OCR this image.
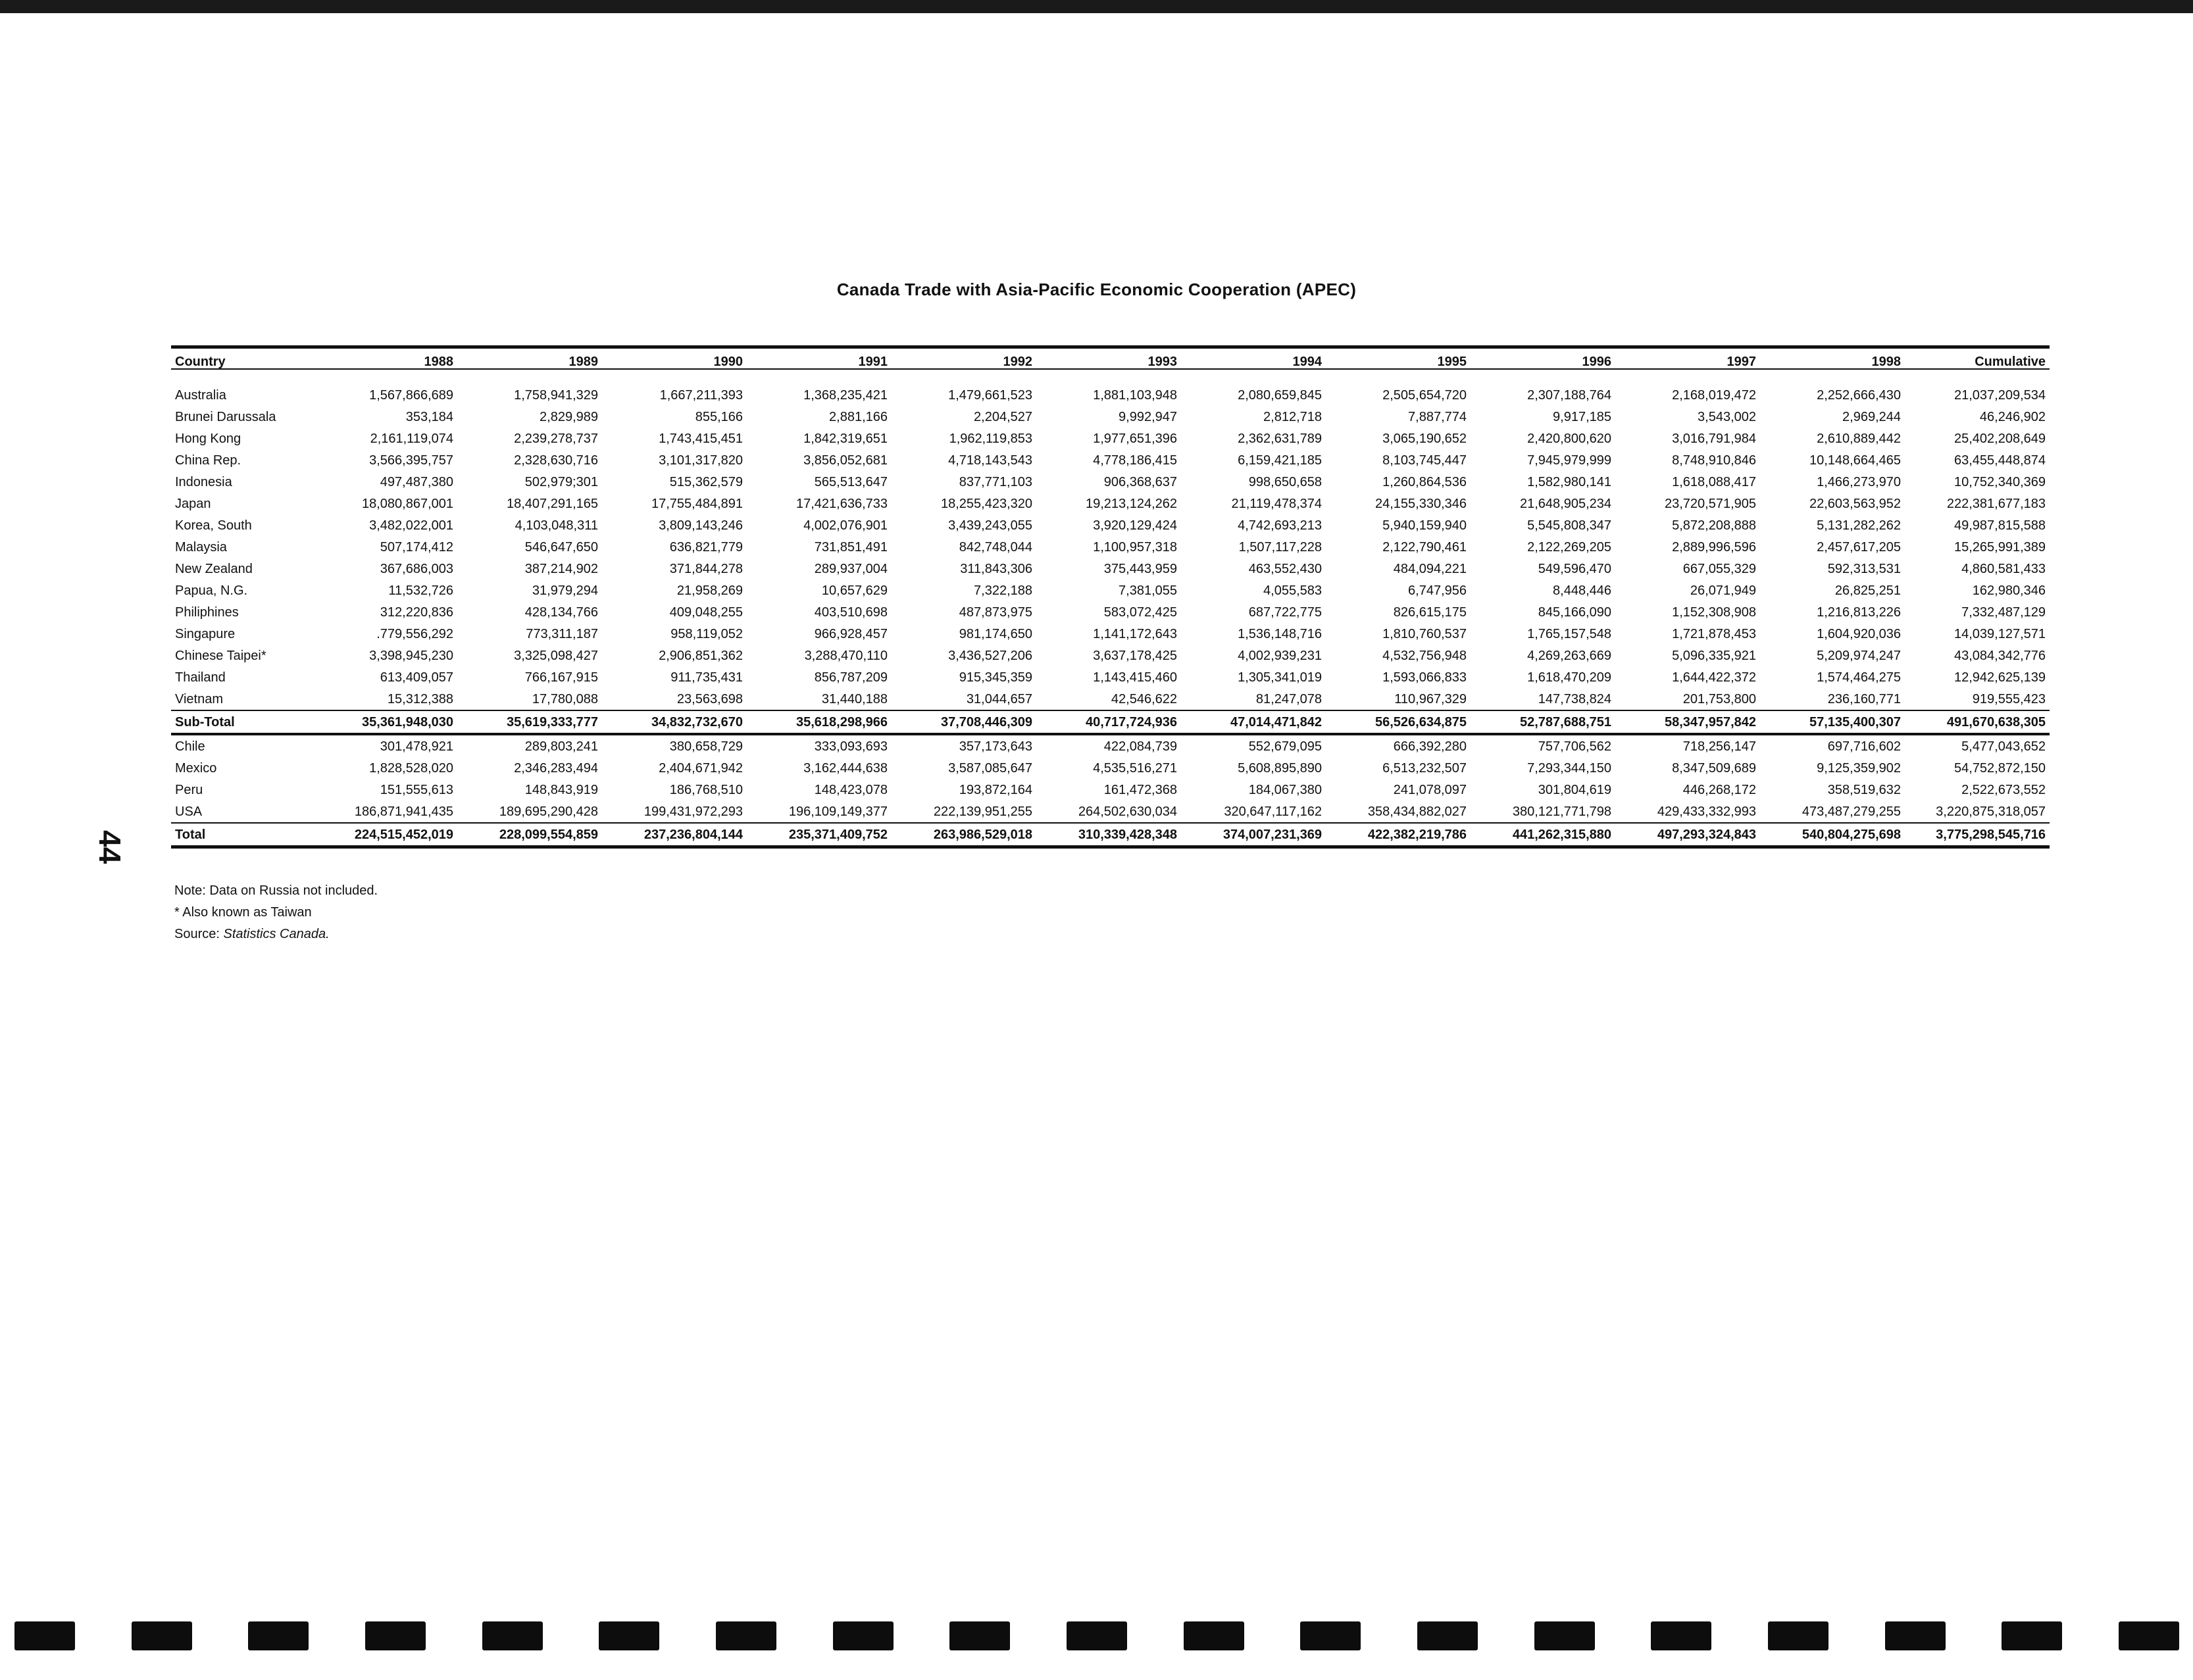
44
Canada Trade with Asia-Pacific Economic Cooperation (APEC)
Country	1988	1989	1990	1991	1992	1993	1994	1995	1996	1997	1998	Cumulative

Australia	1,567,866,689	1,758,941,329	1,667,211,393	1,368,235,421	1,479,661,523	1,881,103,948	2,080,659,845	2,505,654,720	2,307,188,764	2,168,019,472	2,252,666,430	21,037,209,534
Brunei Darussala	353,184	2,829,989	855,166	2,881,166	2,204,527	9,992,947	2,812,718	7,887,774	9,917,185	3,543,002	2,969,244	46,246,902
Hong Kong	2,161,119,074	2,239,278,737	1,743,415,451	1,842,319,651	1,962,119,853	1,977,651,396	2,362,631,789	3,065,190,652	2,420,800,620	3,016,791,984	2,610,889,442	25,402,208,649
China Rep.	3,566,395,757	2,328,630,716	3,101,317,820	3,856,052,681	4,718,143,543	4,778,186,415	6,159,421,185	8,103,745,447	7,945,979,999	8,748,910,846	10,148,664,465	63,455,448,874
Indonesia	497,487,380	502,979;301	515,362,579	565,513,647	837,771,103	906,368,637	998,650,658	1,260,864,536	1,582,980,141	1,618,088,417	1,466,273,970	10,752,340,369
Japan	18,080,867,001	18,407,291,165	17,755,484,891	17,421,636,733	18,255,423,320	19,213,124,262	21,119,478,374	24,155,330,346	21,648,905,234	23,720,571,905	22,603,563,952	222,381,677,183
Korea, South	3,482,022,001	4,103,048,311	3,809,143,246	4,002,076,901	3,439,243,055	3,920,129,424	4,742,693,213	5,940,159,940	5,545,808,347	5,872,208,888	5,131,282,262	49,987,815,588
Malaysia	507,174,412	546,647,650	636,821,779	731,851,491	842,748,044	1,100,957,318	1,507,117,228	2,122,790,461	2,122,269,205	2,889,996,596	2,457,617,205	15,265,991,389
New Zealand	367,686,003	387,214,902	371,844,278	289,937,004	311,843,306	375,443,959	463,552,430	484,094,221	549,596,470	667,055,329	592,313,531	4,860,581,433
Papua, N.G.	11,532,726	31,979,294	21,958,269	10,657,629	7,322,188	7,381,055	4,055,583	6,747,956	8,448,446	26,071,949	26,825,251	162,980,346
Philiphines	312,220,836	428,134,766	409,048,255	403,510,698	487,873,975	583,072,425	687,722,775	826,615,175	845,166,090	1,152,308,908	1,216,813,226	7,332,487,129
Singapure	.779,556,292	773,311,187	958,119,052	966,928,457	981,174,650	1,141,172,643	1,536,148,716	1,810,760,537	1,765,157,548	1,721,878,453	1,604,920,036	14,039,127,571
Chinese Taipei*	3,398,945,230	3,325,098,427	2,906,851,362	3,288,470,110	3,436,527,206	3,637,178,425	4,002,939,231	4,532,756,948	4,269,263,669	5,096,335,921	5,209,974,247	43,084,342,776
Thailand	613,409,057	766,167,915	911,735,431	856,787,209	915,345,359	1,143,415,460	1,305,341,019	1,593,066,833	1,618,470,209	1,644,422,372	1,574,464,275	12,942,625,139
Vietnam	15,312,388	17,780,088	23,563,698	31,440,188	31,044,657	42,546,622	81,247,078	110,967,329	147,738,824	201,753,800	236,160,771	919,555,423
Sub-Total	35,361,948,030	35,619,333,777	34,832,732,670	35,618,298,966	37,708,446,309	40,717,724,936	47,014,471,842	56,526,634,875	52,787,688,751	58,347,957,842	57,135,400,307	491,670,638,305
Chile	301,478,921	289,803,241	380,658,729	333,093,693	357,173,643	422,084,739	552,679,095	666,392,280	757,706,562	718,256,147	697,716,602	5,477,043,652
Mexico	1,828,528,020	2,346,283,494	2,404,671,942	3,162,444,638	3,587,085,647	4,535,516,271	5,608,895,890	6,513,232,507	7,293,344,150	8,347,509,689	9,125,359,902	54,752,872,150
Peru	151,555,613	148,843,919	186,768,510	148,423,078	193,872,164	161,472,368	184,067,380	241,078,097	301,804,619	446,268,172	358,519,632	2,522,673,552
USA	186,871,941,435	189,695,290,428	199,431,972,293	196,109,149,377	222,139,951,255	264,502,630,034	320,647,117,162	358,434,882,027	380,121,771,798	429,433,332,993	473,487,279,255	3,220,875,318,057
Total	224,515,452,019	228,099,554,859	237,236,804,144	235,371,409,752	263,986,529,018	310,339,428,348	374,007,231,369	422,382,219,786	441,262,315,880	497,293,324,843	540,804,275,698	3,775,298,545,716
Note: Data on Russia not included.
* Also known as Taiwan
Source: Statistics Canada.
